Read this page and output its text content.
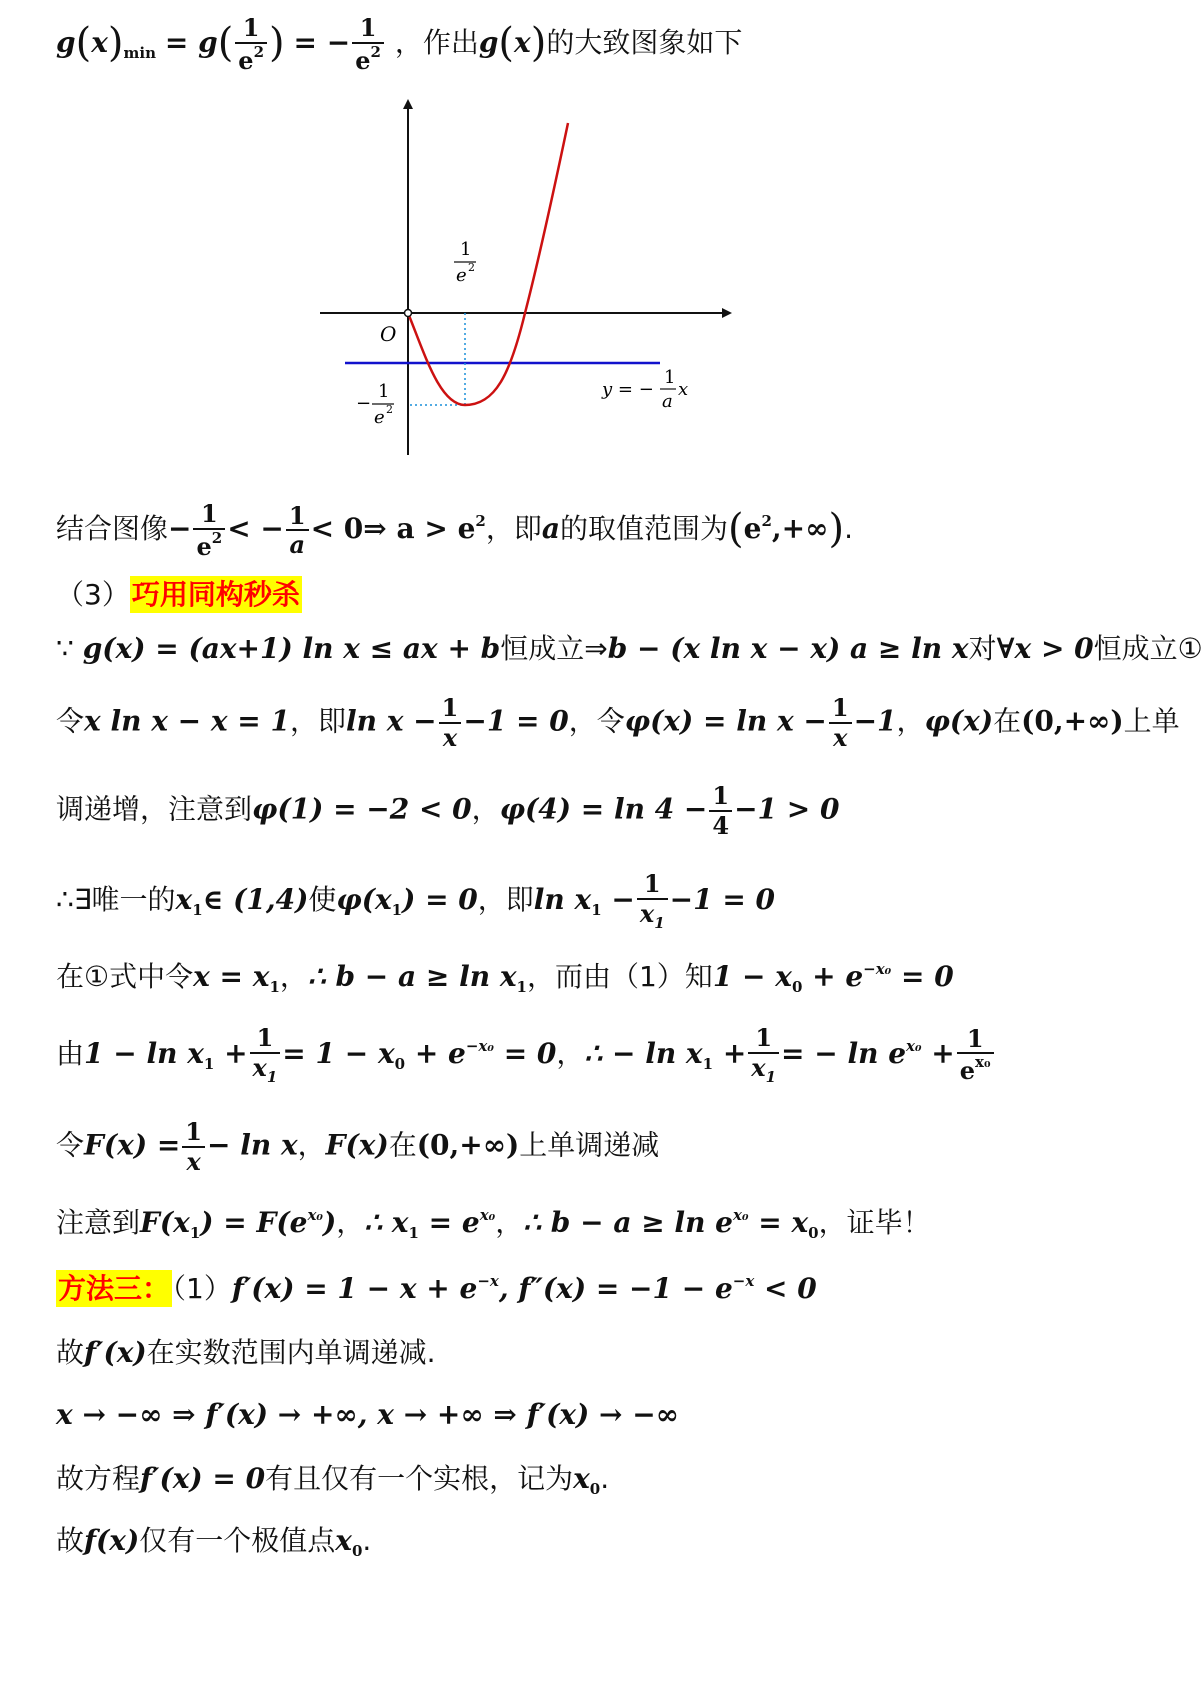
$g(x)_{min} = g( \frac{1}{e^2}$ ) = − $\frac{1}{e^2}$ ，作出g(x)的大致图象如下
O
1
e 2
−
1
e 2
y = −
1
a
x
结合图像− $\frac{1}{e^2}$ < − $\frac{1}{a}$ < 0⇒ $a > e^2$，即a的取值范围为$(e^2,+\infty)$.
（3）巧用同构秒杀
∵ g(x) = (ax+1) ln x ≤ ax + b恒成立⇒b − (x ln x − x) a ≥ ln x对∀x > 0恒成立①
令x ln x − x = 1，即$\ln x - \frac{1}{x} -1 = 0$，令$\varphi(x) = \ln x - \frac{1}{x} -1$，φ(x)在(0,+∞)上单
调递增，注意到φ(1) = −2 < 0，$\varphi(4) = \ln 4 - \frac{1}{4} -1 > 0$
∴∃唯一的$x_1\in$ (1,4)使$\varphi(x_1) = 0$，即$\ln x_1 - \frac{1}{x_1} -1 = 0$
在①式中令$x = x_1$，∴ $b - a \ge \ln x_1$，而由（1）知$1 - x_0 + e^{-x_0} = 0$
由$1 - \ln x_1 + \frac{1}{x_1} = 1 - x_0 + e^{-x_0} = 0$，∴ − $\ln x_1 + \frac{1}{x_1}$ = − $\ln e^{x_0} + \frac{1}{e^{x_0}}$
令$F(x) = \frac{1}{x} - \ln x$，F(x)在(0,+∞)上单调递减
注意到$F(x_1) = F(e^{x_0})$，∴ $x_1 = e^{x_0}$，∴ $b - a \ge \ln e^{x_0} = x_0$，证毕！
方法三：$(1)f'(x) = 1 - x + e^{-x}$, $f''(x) = -1 - e^{-x} < 0$
故f′(x)在实数范围内单调递减.
x → −∞ ⇒ f′(x) → +∞, x → +∞ ⇒ f′(x) → −∞
故方程f′(x) = 0有且仅有一个实根，记为$x_0$.
故f(x)仅有一个极值点$x_0$.
